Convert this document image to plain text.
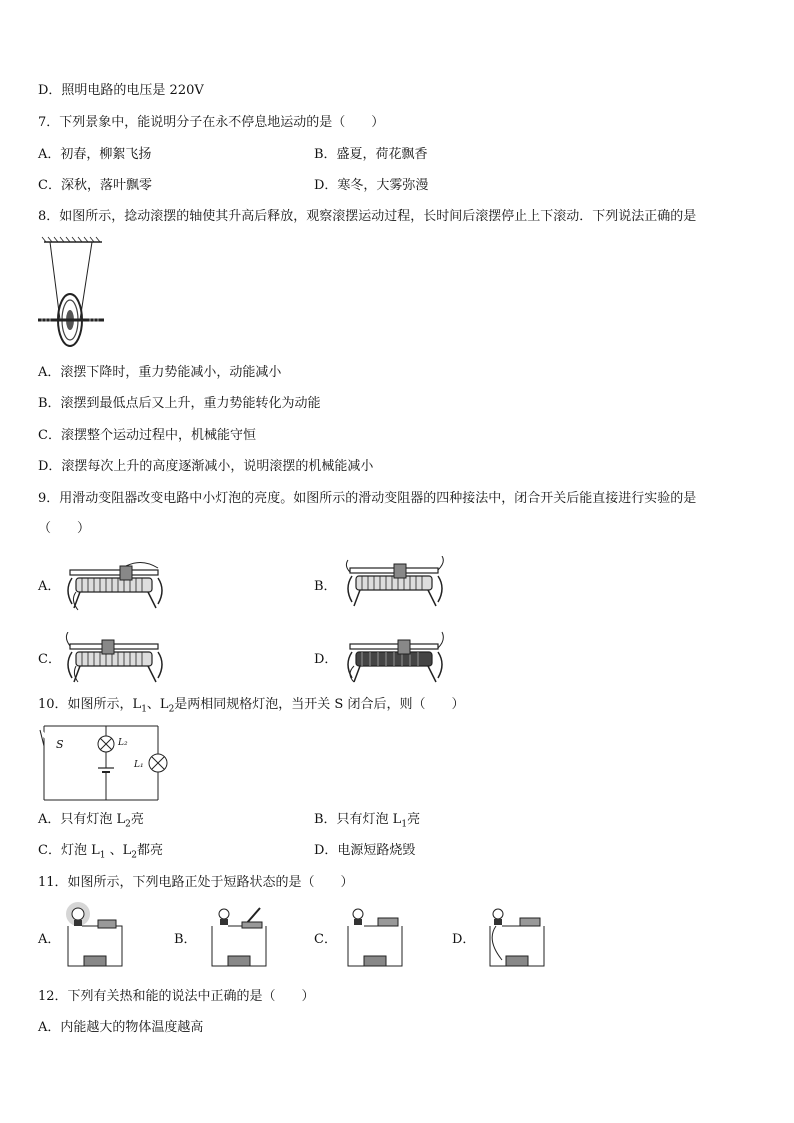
D．照明电路的电压是 220V
7．下列景象中，能说明分子在永不停息地运动的是（　　）
A．初春，柳絮飞扬	B．盛夏，荷花飘香
C．深秋，落叶飘零	D．寒冬，大雾弥漫
8．如图所示，捻动滚摆的轴使其升高后释放，观察滚摆运动过程，长时间后滚摆停止上下滚动．下列说法正确的是
A．滚摆下降时，重力势能减小，动能减小
B．滚摆到最低点后又上升，重力势能转化为动能
C．滚摆整个运动过程中，机械能守恒
D．滚摆每次上升的高度逐渐减小，说明滚摆的机械能减小
9．用滑动变阻器改变电路中小灯泡的亮度。如图所示的滑动变阻器的四种接法中，闭合开关后能直接进行实验的是
（　　）
A．	B．
C．	D．
10．如图所示，$L_1$、$L_2$是两相同规格灯泡，当开关 S 闭合后，则（　　）
S	L₂
L₁
A．只有灯泡 $L_2$亮	B．只有灯泡 $L_1$亮
C．灯泡 $L_1$ 、$L_2$都亮	D．电源短路烧毁
11．如图所示，下列电路正处于短路状态的是（　　）
A．	B．	C．	D．
12．下列有关热和能的说法中正确的是（　　）
A．内能越大的物体温度越高
